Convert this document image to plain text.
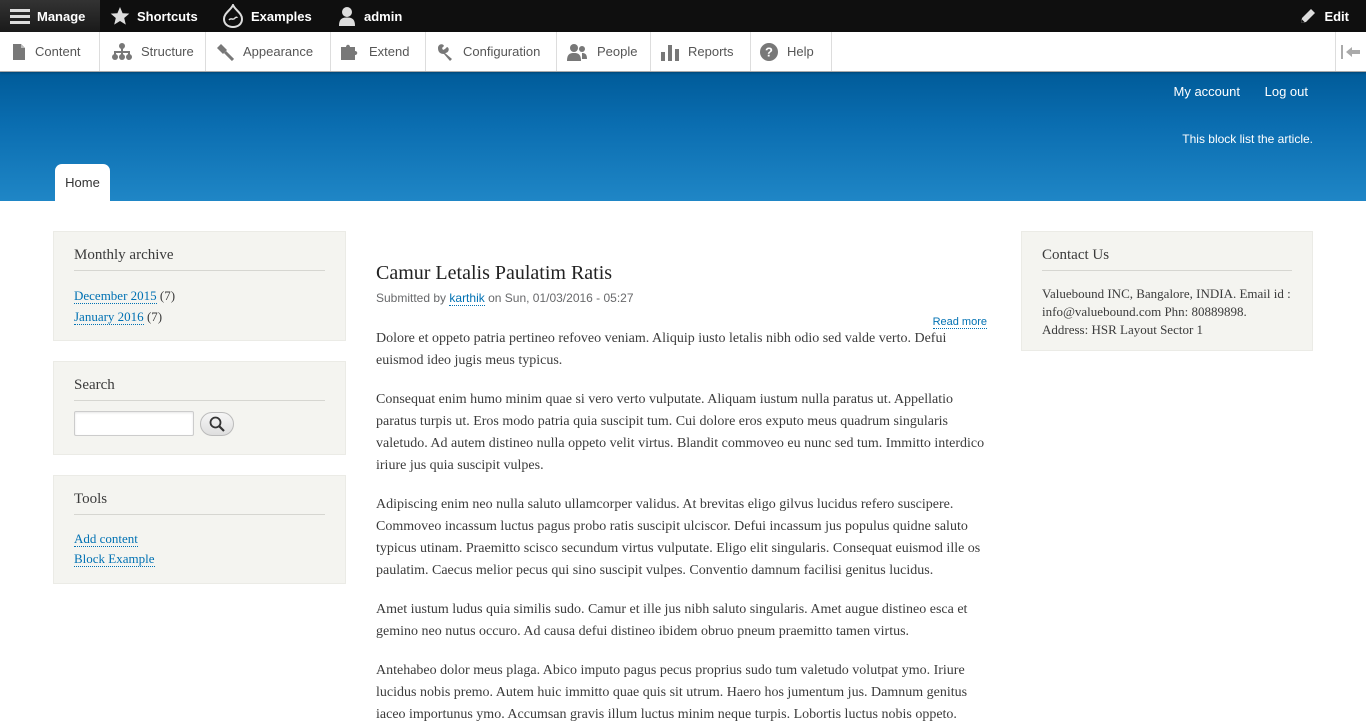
Manage	Shortcuts	Examples	admin	Edit
Content	Structure	Appearance	Extend	Configuration	People	Reports ? Help
My account Log out
This block list the article.
Home
Monthly archive
December 2015 (7)
January 2016 (7)
Search
Tools
Add content
Block Example
Contact Us
Valuebound INC, Bangalore, INDIA. Email id : info@valuebound.com Phn: 80889898. Address: HSR Layout Sector 1
Camur Letalis Paulatim Ratis
Submitted by karthik on Sun, 01/03/2016 - 05:27
Read more

Dolore et oppeto patria pertineo refoveo veniam. Aliquip iusto letalis nibh odio sed valde verto. Defui euismod ideo jugis meus typicus.

Consequat enim humo minim quae si vero verto vulputate. Aliquam iustum nulla paratus ut. Appellatio paratus turpis ut. Eros modo patria quia suscipit tum. Cui dolore eros exputo meus quadrum singularis valetudo. Ad autem distineo nulla oppeto velit virtus. Blandit commoveo eu nunc sed tum. Immitto interdico iriure jus quia suscipit vulpes.

Adipiscing enim neo nulla saluto ullamcorper validus. At brevitas eligo gilvus lucidus refero suscipere. Commoveo incassum luctus pagus probo ratis suscipit ulciscor. Defui incassum jus populus quidne saluto typicus utinam. Praemitto scisco secundum virtus vulputate. Eligo elit singularis. Consequat euismod ille os paulatim. Caecus melior pecus qui sino suscipit vulpes. Conventio damnum facilisi genitus lucidus.

Amet iustum ludus quia similis sudo. Camur et ille jus nibh saluto singularis. Amet augue distineo esca et gemino neo nutus occuro. Ad causa defui distineo ibidem obruo pneum praemitto tamen virtus.

Antehabeo dolor meus plaga. Abico imputo pagus pecus proprius sudo tum valetudo volutpat ymo. Iriure lucidus nobis premo. Autem huic immitto quae quis sit utrum. Haero hos jumentum jus. Damnum genitus iaceo importunus ymo. Accumsan gravis illum luctus minim neque turpis. Lobortis luctus nobis oppeto.
